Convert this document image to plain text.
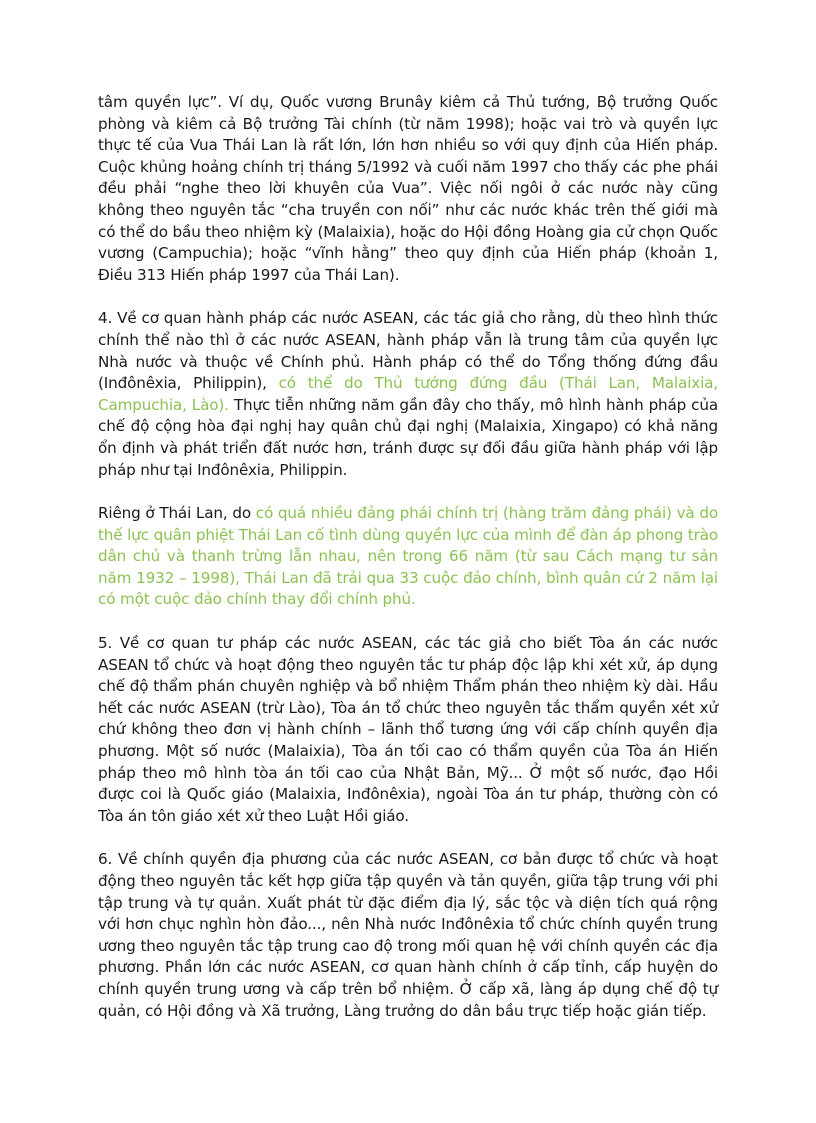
tâm quyền lực”. Ví dụ, Quốc vương Brunây kiêm cả Thủ tướng, Bộ trưởng Quốc phòng và kiêm cả Bộ trưởng Tài chính (từ năm 1998); hoặc vai trò và quyền lực thực tế của Vua Thái Lan là rất lớn, lớn hơn nhiều so với quy định của Hiến pháp. Cuộc khủng hoảng chính trị tháng 5/1992 và cuối năm 1997 cho thấy các phe phái đều phải “nghe theo lời khuyên của Vua”. Việc nối ngôi ở các nước này cũng không theo nguyên tắc “cha truyền con nối” như các nước khác trên thế giới mà có thể do bầu theo nhiệm kỳ (Malaixia), hoặc do Hội đồng Hoàng gia cử chọn Quốc vương (Campuchia); hoặc “vĩnh hằng” theo quy định của Hiến pháp (khoản 1, Điều 313 Hiến pháp 1997 của Thái Lan).

4. Về cơ quan hành pháp các nước ASEAN, các tác giả cho rằng, dù theo hình thức chính thể nào thì ở các nước ASEAN, hành pháp vẫn là trung tâm của quyền lực Nhà nước và thuộc về Chính phủ. Hành pháp có thể do Tổng thống đứng đầu (Inđônêxia, Philippin), có thể do Thủ tướng đứng đầu (Thái Lan, Malaixia, Campuchia, Lào). Thực tiễn những năm gần đây cho thấy, mô hình hành pháp của chế độ cộng hòa đại nghị hay quân chủ đại nghị (Malaixia, Xingapo) có khả năng ổn định và phát triển đất nước hơn, tránh được sự đối đầu giữa hành pháp với lập pháp như tại Inđônêxia, Philippin.

Riêng ở Thái Lan, do có quá nhiều đảng phái chính trị (hàng trăm đảng phái) và do thế lực quân phiệt Thái Lan cố tình dùng quyền lực của mình để đàn áp phong trào dân chủ và thanh trừng lẫn nhau, nên trong 66 năm (từ sau Cách mạng tư sản năm 1932 – 1998), Thái Lan đã trải qua 33 cuộc đảo chính, bình quân cứ 2 năm lại có một cuộc đảo chính thay đổi chính phủ.

5. Về cơ quan tư pháp các nước ASEAN, các tác giả cho biết Tòa án các nước ASEAN tổ chức và hoạt động theo nguyên tắc tư pháp độc lập khi xét xử, áp dụng chế độ thẩm phán chuyên nghiệp và bổ nhiệm Thẩm phán theo nhiệm kỳ dài. Hầu hết các nước ASEAN (trừ Lào), Tòa án tổ chức theo nguyên tắc thẩm quyền xét xử chứ không theo đơn vị hành chính – lãnh thổ tương ứng với cấp chính quyền địa phương. Một số nước (Malaixia), Tòa án tối cao có thẩm quyền của Tòa án Hiến pháp theo mô hình tòa án tối cao của Nhật Bản, Mỹ... Ở một số nước, đạo Hồi được coi là Quốc giáo (Malaixia, Inđônêxia), ngoài Tòa án tư pháp, thường còn có Tòa án tôn giáo xét xử theo Luật Hồi giáo.

6. Về chính quyền địa phương của các nước ASEAN, cơ bản được tổ chức và hoạt động theo nguyên tắc kết hợp giữa tập quyền và tản quyền, giữa tập trung với phi tập trung và tự quản. Xuất phát từ đặc điểm địa lý, sắc tộc và diện tích quá rộng với hơn chục nghìn hòn đảo..., nên Nhà nước Inđônêxia tổ chức chính quyền trung ương theo nguyên tắc tập trung cao độ trong mối quan hệ với chính quyền các địa phương. Phần lớn các nước ASEAN, cơ quan hành chính ở cấp tỉnh, cấp huyện do chính quyền trung ương và cấp trên bổ nhiệm. Ở cấp xã, làng áp dụng chế độ tự quản, có Hội đồng và Xã trưởng, Làng trưởng do dân bầu trực tiếp hoặc gián tiếp.
